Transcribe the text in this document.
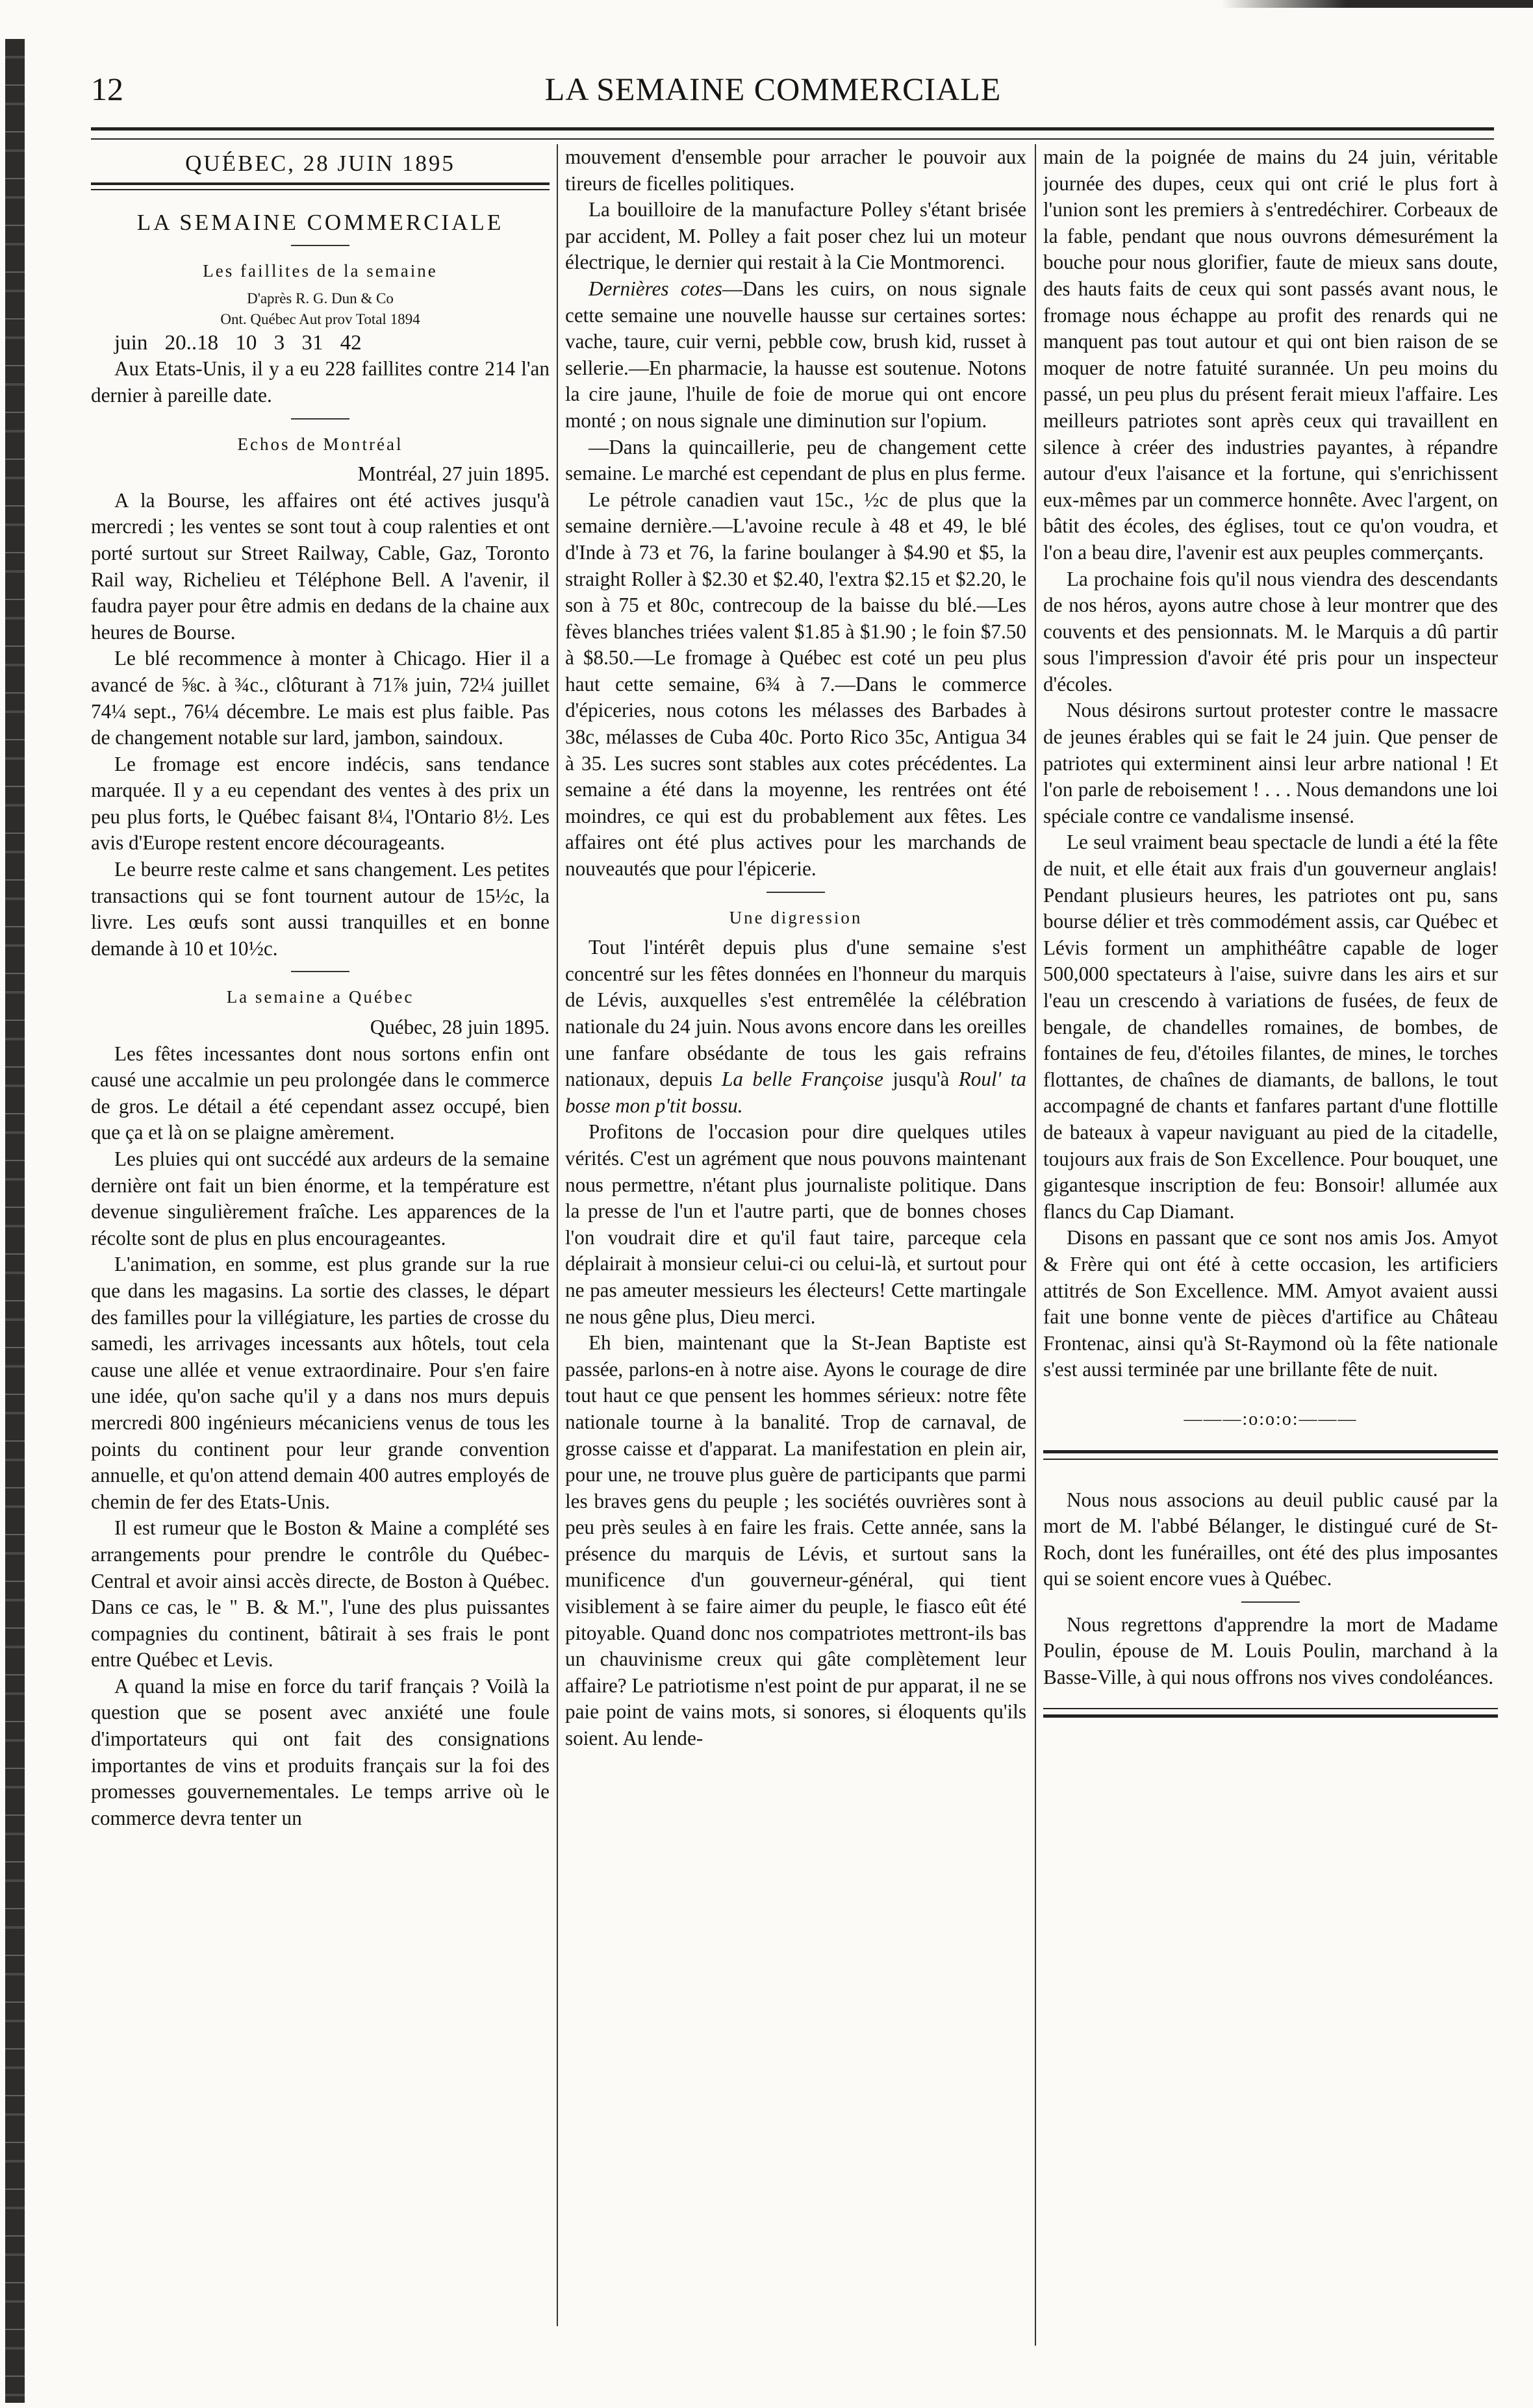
12	LA SEMAINE COMMERCIALE
QUÉBEC, 28 JUIN 1895
LA SEMAINE COMMERCIALE
Les faillites de la semaine
D'après R. G. Dun & Co
Ont. Québec Aut prov Total 1894

juin 20..18 10 3 31 42

Aux Etats-Unis, il y a eu 228 faillites contre 214 l'an dernier à pareille date.

Echos de Montréal
Montréal, 27 juin 1895.

A la Bourse, les affaires ont été actives jusqu'à mercredi ; les ventes se sont tout à coup ralenties et ont porté surtout sur Street Railway, Cable, Gaz, Toronto Rail way, Richelieu et Téléphone Bell. A l'avenir, il faudra payer pour être admis en dedans de la chaine aux heures de Bourse.

Le blé recommence à monter à Chicago. Hier il a avancé de ⅝c. à ¾c., clôturant à 71⅞ juin, 72¼ juillet 74¼ sept., 76¼ décembre. Le mais est plus faible. Pas de changement notable sur lard, jambon, saindoux.

Le fromage est encore indécis, sans tendance marquée. Il y a eu cependant des ventes à des prix un peu plus forts, le Québec faisant 8¼, l'Ontario 8½. Les avis d'Europe restent encore décourageants.

Le beurre reste calme et sans changement. Les petites transactions qui se font tournent autour de 15½c, la livre. Les œufs sont aussi tranquilles et en bonne demande à 10 et 10½c.

La semaine a Québec
Québec, 28 juin 1895.

Les fêtes incessantes dont nous sortons enfin ont causé une accalmie un peu prolongée dans le commerce de gros. Le détail a été cependant assez occupé, bien que ça et là on se plaigne amèrement.

Les pluies qui ont succédé aux ardeurs de la semaine dernière ont fait un bien énorme, et la température est devenue singulièrement fraîche. Les apparences de la récolte sont de plus en plus encourageantes.

L'animation, en somme, est plus grande sur la rue que dans les magasins. La sortie des classes, le départ des familles pour la villégiature, les parties de crosse du samedi, les arrivages incessants aux hôtels, tout cela cause une allée et venue extraordinaire. Pour s'en faire une idée, qu'on sache qu'il y a dans nos murs depuis mercredi 800 ingénieurs mécaniciens venus de tous les points du continent pour leur grande convention annuelle, et qu'on attend demain 400 autres employés de chemin de fer des Etats-Unis.

Il est rumeur que le Boston & Maine a complété ses arrangements pour prendre le contrôle du Québec-Central et avoir ainsi accès directe, de Boston à Québec. Dans ce cas, le " B. & M.", l'une des plus puissantes compagnies du continent, bâtirait à ses frais le pont entre Québec et Levis.

A quand la mise en force du tarif français ? Voilà la question que se posent avec anxiété une foule d'importateurs qui ont fait des consignations importantes de vins et produits français sur la foi des promesses gouvernementales. Le temps arrive où le commerce devra tenter un

mouvement d'ensemble pour arracher le pouvoir aux tireurs de ficelles politiques.

La bouilloire de la manufacture Polley s'étant brisée par accident, M. Polley a fait poser chez lui un moteur électrique, le dernier qui restait à la Cie Montmorenci.

Dernières cotes—Dans les cuirs, on nous signale cette semaine une nouvelle hausse sur certaines sortes: vache, taure, cuir verni, pebble cow, brush kid, russet à sellerie.—En pharmacie, la hausse est soutenue. Notons la cire jaune, l'huile de foie de morue qui ont encore monté ; on nous signale une diminution sur l'opium.

—Dans la quincaillerie, peu de changement cette semaine. Le marché est cependant de plus en plus ferme.

Le pétrole canadien vaut 15c., ½c de plus que la semaine dernière.—L'avoine recule à 48 et 49, le blé d'Inde à 73 et 76, la farine boulanger à $4.90 et $5, la straight Roller à $2.30 et $2.40, l'extra $2.15 et $2.20, le son à 75 et 80c, contrecoup de la baisse du blé.—Les fèves blanches triées valent $1.85 à $1.90 ; le foin $7.50 à $8.50.—Le fromage à Québec est coté un peu plus haut cette semaine, 6¾ à 7.—Dans le commerce d'épiceries, nous cotons les mélasses des Barbades à 38c, mélasses de Cuba 40c. Porto Rico 35c, Antigua 34 à 35. Les sucres sont stables aux cotes précédentes. La semaine a été dans la moyenne, les rentrées ont été moindres, ce qui est du probablement aux fêtes. Les affaires ont été plus actives pour les marchands de nouveautés que pour l'épicerie.

Une digression

Tout l'intérêt depuis plus d'une semaine s'est concentré sur les fêtes données en l'honneur du marquis de Lévis, auxquelles s'est entremêlée la célébration nationale du 24 juin. Nous avons encore dans les oreilles une fanfare obsédante de tous les gais refrains nationaux, depuis La belle Françoise jusqu'à Roul' ta bosse mon p'tit bossu.

Profitons de l'occasion pour dire quelques utiles vérités. C'est un agrément que nous pouvons maintenant nous permettre, n'étant plus journaliste politique. Dans la presse de l'un et l'autre parti, que de bonnes choses l'on voudrait dire et qu'il faut taire, parceque cela déplairait à monsieur celui-ci ou celui-là, et surtout pour ne pas ameuter messieurs les électeurs! Cette martingale ne nous gêne plus, Dieu merci.

Eh bien, maintenant que la St-Jean Baptiste est passée, parlons-en à notre aise. Ayons le courage de dire tout haut ce que pensent les hommes sérieux: notre fête nationale tourne à la banalité. Trop de carnaval, de grosse caisse et d'apparat. La manifestation en plein air, pour une, ne trouve plus guère de participants que parmi les braves gens du peuple ; les sociétés ouvrières sont à peu près seules à en faire les frais. Cette année, sans la présence du marquis de Lévis, et surtout sans la munificence d'un gouverneur-général, qui tient visiblement à se faire aimer du peuple, le fiasco eût été pitoyable. Quand donc nos compatriotes mettront-ils bas un chauvinisme creux qui gâte complètement leur affaire? Le patriotisme n'est point de pur apparat, il ne se paie point de vains mots, si sonores, si éloquents qu'ils soient. Au lende-

main de la poignée de mains du 24 juin, véritable journée des dupes, ceux qui ont crié le plus fort à l'union sont les premiers à s'entredéchirer. Corbeaux de la fable, pendant que nous ouvrons démesurément la bouche pour nous glorifier, faute de mieux sans doute, des hauts faits de ceux qui sont passés avant nous, le fromage nous échappe au profit des renards qui ne manquent pas tout autour et qui ont bien raison de se moquer de notre fatuité surannée. Un peu moins du passé, un peu plus du présent ferait mieux l'affaire. Les meilleurs patriotes sont après ceux qui travaillent en silence à créer des industries payantes, à répandre autour d'eux l'aisance et la fortune, qui s'enrichissent eux-mêmes par un commerce honnête. Avec l'argent, on bâtit des écoles, des églises, tout ce qu'on voudra, et l'on a beau dire, l'avenir est aux peuples commerçants.

La prochaine fois qu'il nous viendra des descendants de nos héros, ayons autre chose à leur montrer que des couvents et des pensionnats. M. le Marquis a dû partir sous l'impression d'avoir été pris pour un inspecteur d'écoles.

Nous désirons surtout protester contre le massacre de jeunes érables qui se fait le 24 juin. Que penser de patriotes qui exterminent ainsi leur arbre national ! Et l'on parle de reboisement ! . . . Nous demandons une loi spéciale contre ce vandalisme insensé.

Le seul vraiment beau spectacle de lundi a été la fête de nuit, et elle était aux frais d'un gouverneur anglais! Pendant plusieurs heures, les patriotes ont pu, sans bourse délier et très commodément assis, car Québec et Lévis forment un amphithéâtre capable de loger 500,000 spectateurs à l'aise, suivre dans les airs et sur l'eau un crescendo à variations de fusées, de feux de bengale, de chandelles romaines, de bombes, de fontaines de feu, d'étoiles filantes, de mines, le torches flottantes, de chaînes de diamants, de ballons, le tout accompagné de chants et fanfares partant d'une flottille de bateaux à vapeur naviguant au pied de la citadelle, toujours aux frais de Son Excellence. Pour bouquet, une gigantesque inscription de feu: Bonsoir! allumée aux flancs du Cap Diamant.

Disons en passant que ce sont nos amis Jos. Amyot & Frère qui ont été à cette occasion, les artificiers attitrés de Son Excellence. MM. Amyot avaient aussi fait une bonne vente de pièces d'artifice au Château Frontenac, ainsi qu'à St-Raymond où la fête nationale s'est aussi terminée par une brillante fête de nuit.

———:o:o:o:———

Nous nous associons au deuil public causé par la mort de M. l'abbé Bélanger, le distingué curé de St-Roch, dont les funérailles, ont été des plus imposantes qui se soient encore vues à Québec.

Nous regrettons d'apprendre la mort de Madame Poulin, épouse de M. Louis Poulin, marchand à la Basse-Ville, à qui nous offrons nos vives condoléances.
